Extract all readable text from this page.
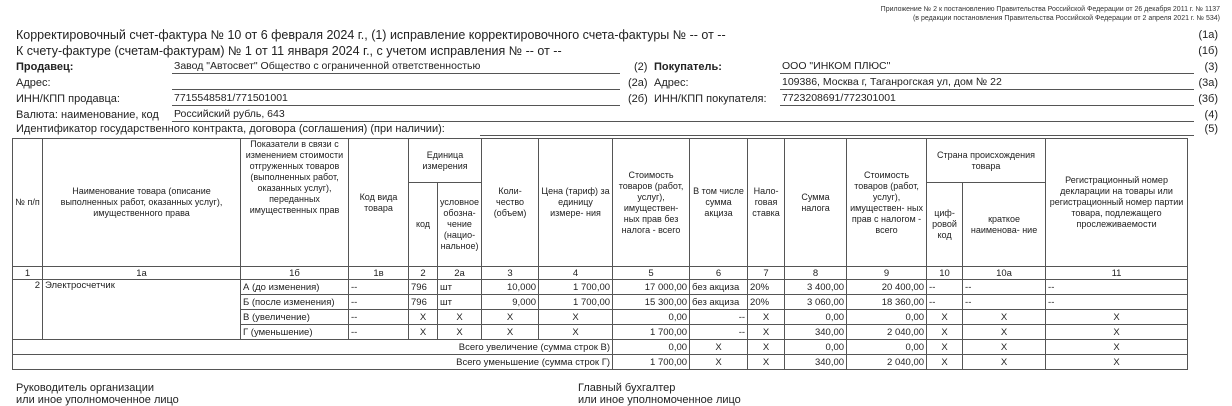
Приложение № 2 к постановлению Правительства Российской Федерации от 26 декабря 2011 г. № 1137
(в редакции постановления Правительства Российской Федерации от 2 апреля 2021 г. № 534)
Корректировочный счет-фактура № 10 от 6 февраля 2024 г., (1) исправление корректировочного счета-фактуры № -- от --	(1а)
К счету-фактуре (счетам-фактурам) № 1 от 11 января 2024 г., с учетом исправления № -- от --	(1б)
Продавец:	Завод "Автосвет" Общество с ограниченной ответственностью	(2) Покупатель:	ООО "ИНКОМ ПЛЮС"	(3)
Адрес:	(2а) Адрес:	109386, Москва г, Таганрогская ул, дом № 22	(3а)
ИНН/КПП продавца:	7715548581/771501001	(2б) ИНН/КПП покупателя: 7723208691/772301001	(3б)
Валюта: наименование, код Российский рубль, 643	(4)
Идентификатор государственного контракта, договора (соглашения) (при наличии):	(5)
№ п/п	Наименование товара (описание выполненных работ, оказанных услуг), имущественного права	Показатели в связи с изменением стоимости отгруженных товаров (выполненных работ, оказанных услуг), переданных имущественных прав	Код вида товара	Единица измерения		Коли- чество (объем)	Цена (тариф) за единицу измере- ния	Стоимость товаров (работ, услуг), имуществен- ных прав без налога - всего	В том числе сумма акциза	Нало- говая ставка	Сумма налога	Стоимость товаров (работ, услуг), имуществен- ных прав с налогом - всего	Страна происхождения товара		Регистрационный номер декларации на товары или регистрационный номер партии товара, подлежащего прослеживаемости
				код	условное обозна- чение (нацио- нальное)								циф- ровой код	краткое наименова- ние	

1	1а	1б	1в	2	2а	3	4	5	6	7	8	9	10	10а	11
2	Электросчетчик	А (до изменения)	--	796	шт	10,000	1 700,00	17 000,00	без акциза	20%	3 400,00	20 400,00	--	--	--
		Б (после изменения)	--	796	шт	9,000	1 700,00	15 300,00	без акциза	20%	3 060,00	18 360,00	--	--	--
		В (увеличение)	--	X	X	X	X	0,00	--	X	0,00	0,00	X	X	X
		Г (уменьшение)	--	X	X	X	X	1 700,00	--	X	340,00	2 040,00	X	X	X
Всего увеличение (сумма строк В)								0,00	X	X	0,00	0,00	X	X	X
Всего уменьшение (сумма строк Г)								1 700,00	X	X	340,00	2 040,00	X	X	X
Руководитель организации
или иное уполномоченное лицо
Главный бухгалтер
или иное уполномоченное лицо
